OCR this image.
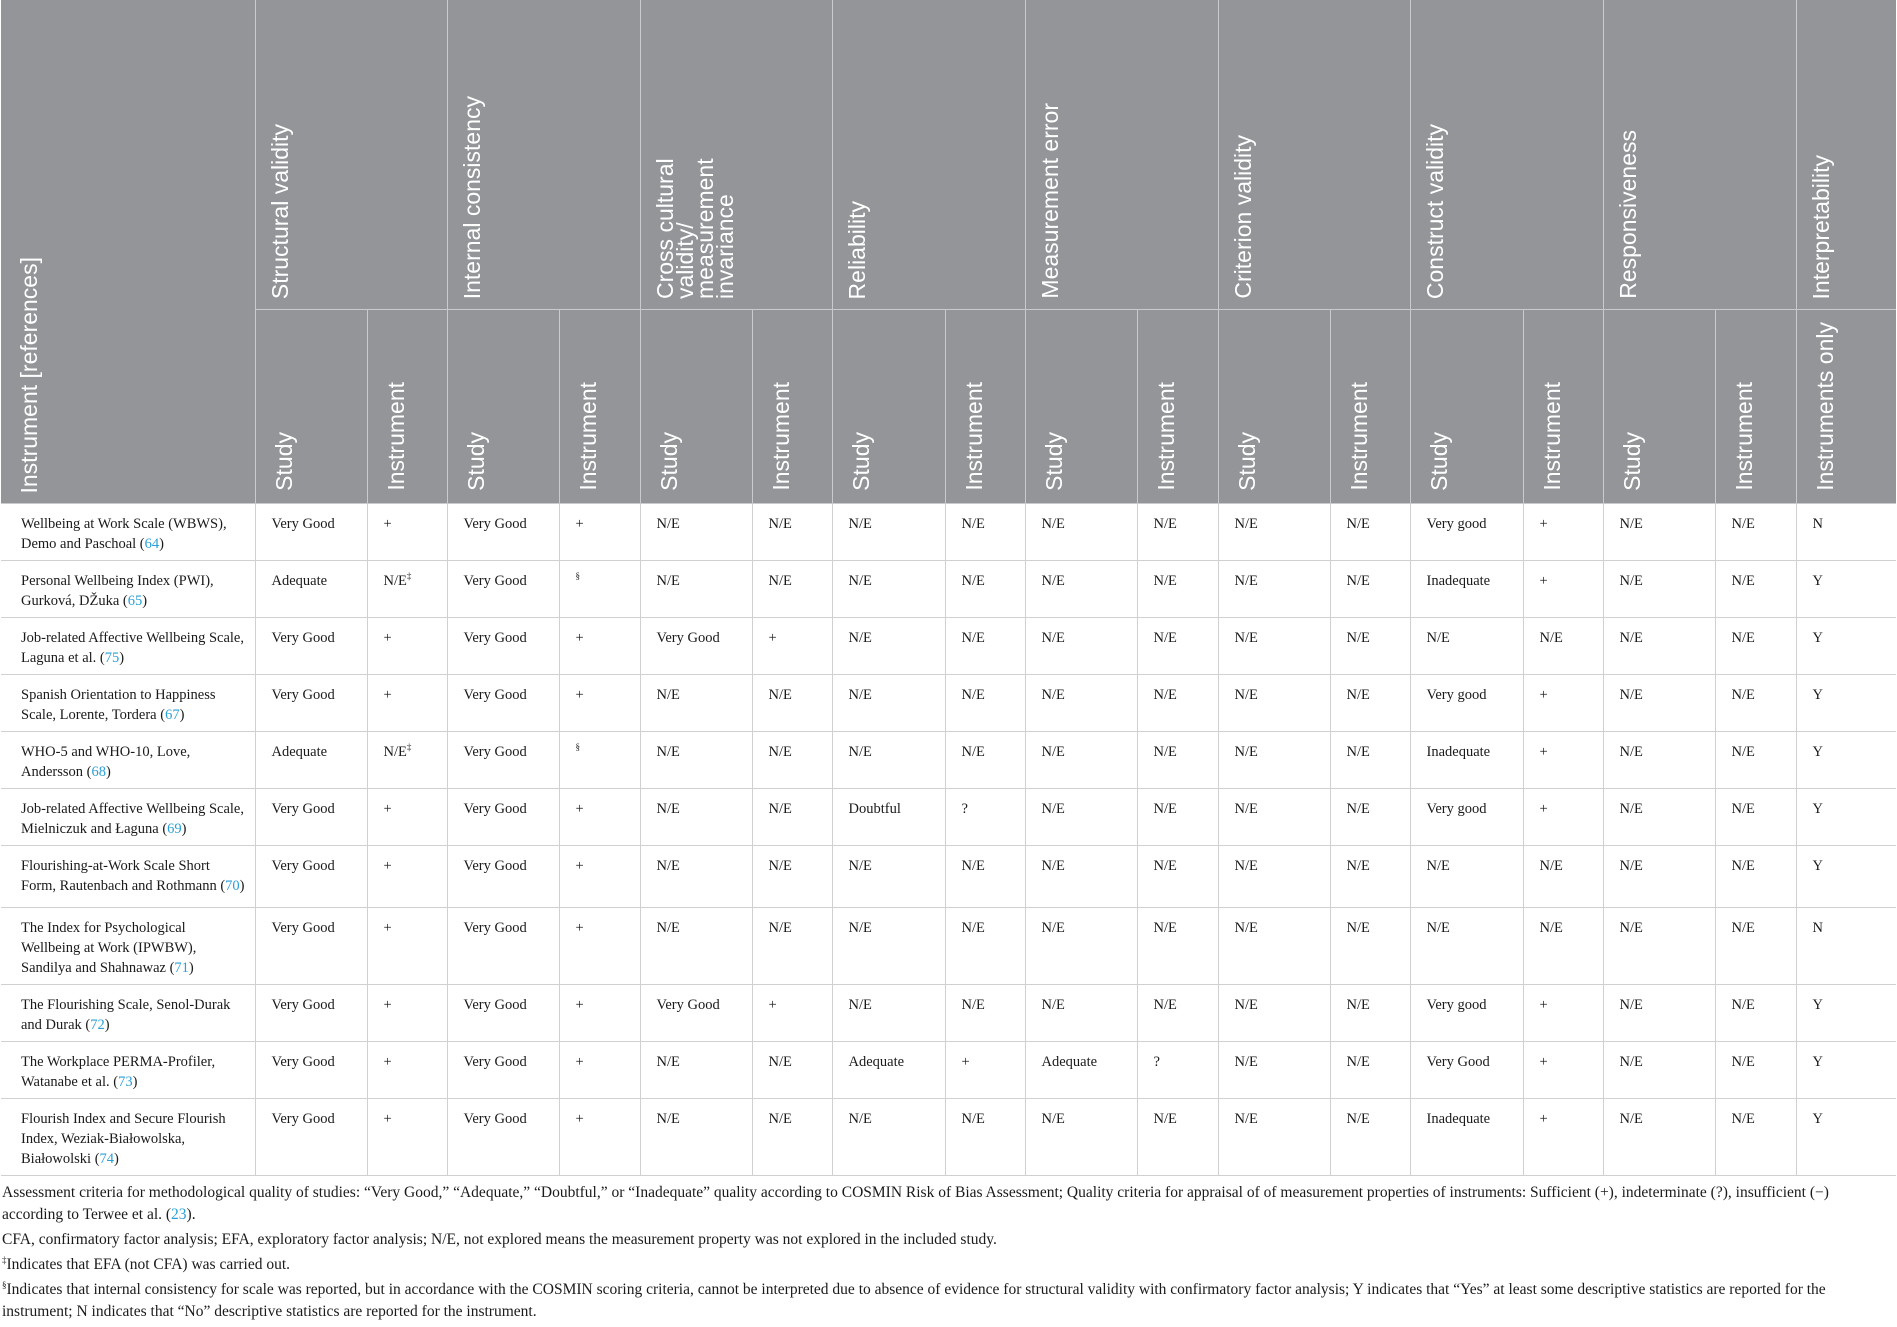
Instrument [references]	Structural validity		Internal consistency		Cross cultural validity/ measurement invariance		Reliability		Measurement error		Criterion validity		Construct validity		Responsiveness		Interpretability
	Study	Instrument	Study	Instrument	Study	Instrument	Study	Instrument	Study	Instrument	Study	Instrument	Study	Instrument	Study	Instrument	Instruments only
Wellbeing at Work Scale (WBWS), Demo and Paschoal (64)	Very Good	+	Very Good	+	N/E	N/E	N/E	N/E	N/E	N/E	N/E	N/E	Very good	+	N/E	N/E	N
Personal Wellbeing Index (PWI), Gurková, DŽuka (65)	Adequate	N/E‡	Very Good	§	N/E	N/E	N/E	N/E	N/E	N/E	N/E	N/E	Inadequate	+	N/E	N/E	Y
Job-related Affective Wellbeing Scale, Laguna et al. (75)	Very Good	+	Very Good	+	Very Good	+	N/E	N/E	N/E	N/E	N/E	N/E	N/E	N/E	N/E	N/E	Y
Spanish Orientation to Happiness Scale, Lorente, Tordera (67)	Very Good	+	Very Good	+	N/E	N/E	N/E	N/E	N/E	N/E	N/E	N/E	Very good	+	N/E	N/E	Y
WHO-5 and WHO-10, Love, Andersson (68)	Adequate	N/E‡	Very Good	§	N/E	N/E	N/E	N/E	N/E	N/E	N/E	N/E	Inadequate	+	N/E	N/E	Y
Job-related Affective Wellbeing Scale, Mielniczuk and Łaguna (69)	Very Good	+	Very Good	+	N/E	N/E	Doubtful	?	N/E	N/E	N/E	N/E	Very good	+	N/E	N/E	Y
Flourishing-at-Work Scale Short Form, Rautenbach and Rothmann (70)	Very Good	+	Very Good	+	N/E	N/E	N/E	N/E	N/E	N/E	N/E	N/E	N/E	N/E	N/E	N/E	Y
The Index for Psychological Wellbeing at Work (IPWBW), Sandilya and Shahnawaz (71)	Very Good	+	Very Good	+	N/E	N/E	N/E	N/E	N/E	N/E	N/E	N/E	N/E	N/E	N/E	N/E	N
The Flourishing Scale, Senol-Durak and Durak (72)	Very Good	+	Very Good	+	Very Good	+	N/E	N/E	N/E	N/E	N/E	N/E	Very good	+	N/E	N/E	Y
The Workplace PERMA-Profiler, Watanabe et al. (73)	Very Good	+	Very Good	+	N/E	N/E	Adequate	+	Adequate	?	N/E	N/E	Very Good	+	N/E	N/E	Y
Flourish Index and Secure Flourish Index, Weziak-Białowolska, Białowolski (74)	Very Good	+	Very Good	+	N/E	N/E	N/E	N/E	N/E	N/E	N/E	N/E	Inadequate	+	N/E	N/E	Y

Assessment criteria for methodological quality of studies: “Very Good,” “Adequate,” “Doubtful,” or “Inadequate” quality according to COSMIN Risk of Bias Assessment; Quality criteria for appraisal of of measurement properties of instruments: Sufficient (+), indeterminate (?), insufficient (−) according to Terwee et al. (23).

CFA, confirmatory factor analysis; EFA, exploratory factor analysis; N/E, not explored means the measurement property was not explored in the included study.

‡Indicates that EFA (not CFA) was carried out.

§Indicates that internal consistency for scale was reported, but in accordance with the COSMIN scoring criteria, cannot be interpreted due to absence of evidence for structural validity with confirmatory factor analysis; Y indicates that “Yes” at least some descriptive statistics are reported for the instrument; N indicates that “No” descriptive statistics are reported for the instrument.
